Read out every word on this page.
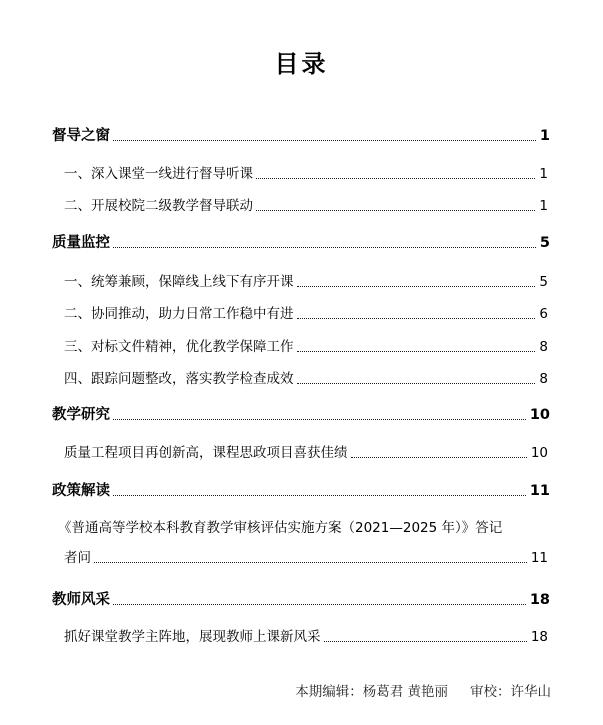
目录
督导之窗	1
一、深入课堂一线进行督导听课	1
二、开展校院二级教学督导联动	1
质量监控	5
一、统筹兼顾，保障线上线下有序开课	5
二、协同推动，助力日常工作稳中有进	6
三、对标文件精神，优化教学保障工作	8
四、跟踪问题整改，落实教学检查成效	8
教学研究	10
质量工程项目再创新高，课程思政项目喜获佳绩	10
政策解读	11
《普通高等学校本科教育教学审核评估实施方案（2021—2025 年）》答记
者问	11
教师风采	18
抓好课堂教学主阵地，展现教师上课新风采	18
本期编辑：杨葛君 黄艳丽 审校：许华山
